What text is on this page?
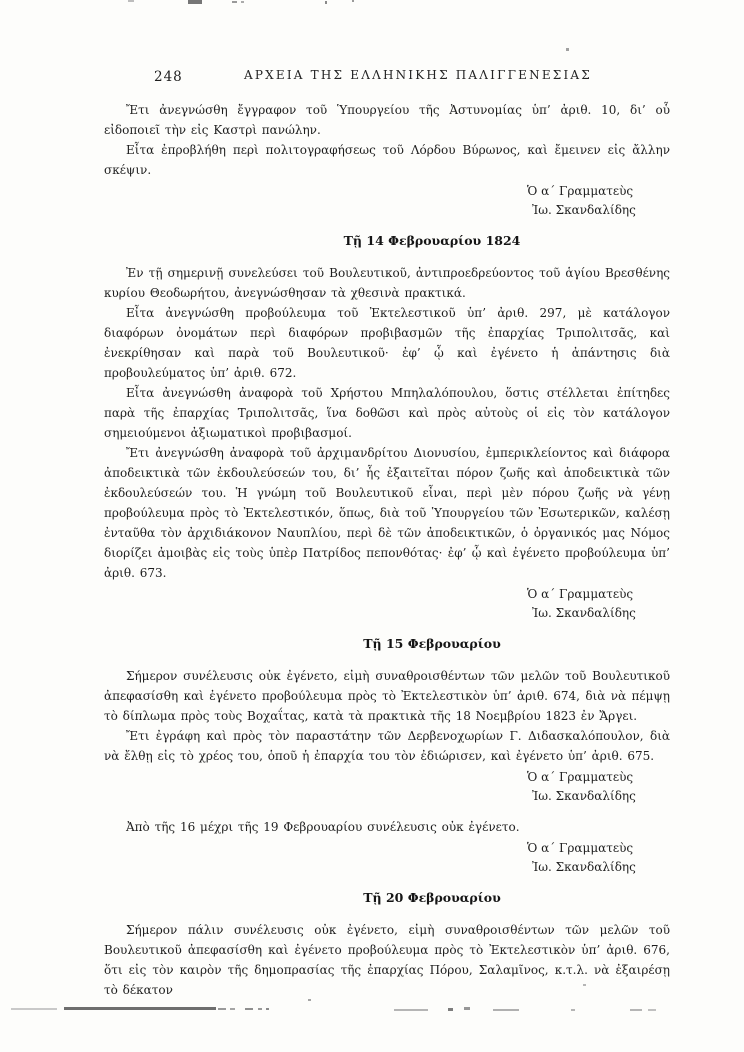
248	ΑΡΧΕΙΑ ΤΗΣ ΕΛΛΗΝΙΚΗΣ ΠΑΛΙΓΓΕΝΕΣΙΑΣ

Ἔτι ἀνεγνώσθη ἔγγραφον τοῦ Ὑπουργείου τῆς Ἀστυνομίας ὑπ’ ἀριθ. 10, δι’ οὗ εἰδοποιεῖ τὴν εἰς Καστρὶ πανώλην.

Εἶτα ἐπροβλήθη περὶ πολιτογραφήσεως τοῦ Λόρδου Βύρωνος, καὶ ἔμεινεν εἰς ἄλλην σκέψιν.

Ὁ α´ Γραμματεὺς
Ἰω. Σκανδαλίδης
Τῇ 14 Φεβρουαρίου 1824

Ἐν τῇ σημερινῇ συνελεύσει τοῦ Βουλευτικοῦ, ἀντιπροεδρεύοντος τοῦ ἁγίου Βρεσθένης κυρίου Θεοδωρήτου, ἀνεγνώσθησαν τὰ χθεσινὰ πρακτικά.

Εἶτα ἀνεγνώσθη προβούλευμα τοῦ Ἐκτελεστικοῦ ὑπ’ ἀριθ. 297, μὲ κατάλογον διαφόρων ὀνομάτων περὶ διαφόρων προβιβασμῶν τῆς ἐπαρχίας Τριπολιτσᾶς, καὶ ἐνεκρίθησαν καὶ παρὰ τοῦ Βουλευτικοῦ· ἐφ’ ᾧ καὶ ἐγένετο ἡ ἀπάντησις διὰ προβουλεύματος ὑπ’ ἀριθ. 672.

Εἶτα ἀνεγνώσθη ἀναφορὰ τοῦ Χρήστου Μπηλαλόπουλου, ὅστις στέλλεται ἐπίτηδες παρὰ τῆς ἐπαρχίας Τριπολιτσᾶς, ἵνα δοθῶσι καὶ πρὸς αὐτοὺς οἱ εἰς τὸν κατάλογον σημειούμενοι ἀξιωματικοὶ προβιβασμοί.

Ἔτι ἀνεγνώσθη ἀναφορὰ τοῦ ἀρχιμανδρίτου Διονυσίου, ἐμπερικλείοντος καὶ διάφορα ἀποδεικτικὰ τῶν ἐκδουλεύσεών του, δι’ ἧς ἐξαιτεῖται πόρον ζωῆς καὶ ἀποδεικτικὰ τῶν ἐκδουλεύσεών του. Ἡ γνώμη τοῦ Βουλευτικοῦ εἶναι, περὶ μὲν πόρου ζωῆς νὰ γένῃ προβούλευμα πρὸς τὸ Ἐκτελεστικόν, ὅπως, διὰ τοῦ Ὑπουργείου τῶν Ἐσωτερικῶν, καλέσῃ ἐνταῦθα τὸν ἀρχιδιάκονον Ναυπλίου, περὶ δὲ τῶν ἀποδεικτικῶν, ὁ ὀργανικός μας Νόμος διορίζει ἀμοιβὰς εἰς τοὺς ὑπὲρ Πατρίδος πεπονθότας· ἐφ’ ᾧ καὶ ἐγένετο προβούλευμα ὑπ’ ἀριθ. 673.

Ὁ α´ Γραμματεὺς
Ἰω. Σκανδαλίδης
Τῇ 15 Φεβρουαρίου

Σήμερον συνέλευσις οὐκ ἐγένετο, εἰμὴ συναθροισθέντων τῶν μελῶν τοῦ Βουλευτικοῦ ἀπεφασίσθη καὶ ἐγένετο προβούλευμα πρὸς τὸ Ἐκτελεστικὸν ὑπ’ ἀριθ. 674, διὰ νὰ πέμψῃ τὸ δίπλωμα πρὸς τοὺς Βοχαΐτας, κατὰ τὰ πρακτικὰ τῆς 18 Νοεμβρίου 1823 ἐν Ἄργει.

Ἔτι ἐγράφη καὶ πρὸς τὸν παραστάτην τῶν Δερβενοχωρίων Γ. Διδασκαλόπουλον, διὰ νὰ ἔλθῃ εἰς τὸ χρέος του, ὁποῦ ἡ ἐπαρχία του τὸν ἐδιώρισεν, καὶ ἐγένετο ὑπ’ ἀριθ. 675.

Ὁ α´ Γραμματεὺς
Ἰω. Σκανδαλίδης

Ἀπὸ τῆς 16 μέχρι τῆς 19 Φεβρουαρίου συνέλευσις οὐκ ἐγένετο.

Ὁ α´ Γραμματεὺς
Ἰω. Σκανδαλίδης
Τῇ 20 Φεβρουαρίου

Σήμερον πάλιν συνέλευσις οὐκ ἐγένετο, εἰμὴ συναθροισθέντων τῶν μελῶν τοῦ Βουλευτικοῦ ἀπεφασίσθη καὶ ἐγένετο προβούλευμα πρὸς τὸ Ἐκτελεστικὸν ὑπ’ ἀριθ. 676, ὅτι εἰς τὸν καιρὸν τῆς δημοπρασίας τῆς ἐπαρχίας Πόρου, Σαλαμῖνος, κ.τ.λ. νὰ ἐξαιρέσῃ τὸ δέκατον
